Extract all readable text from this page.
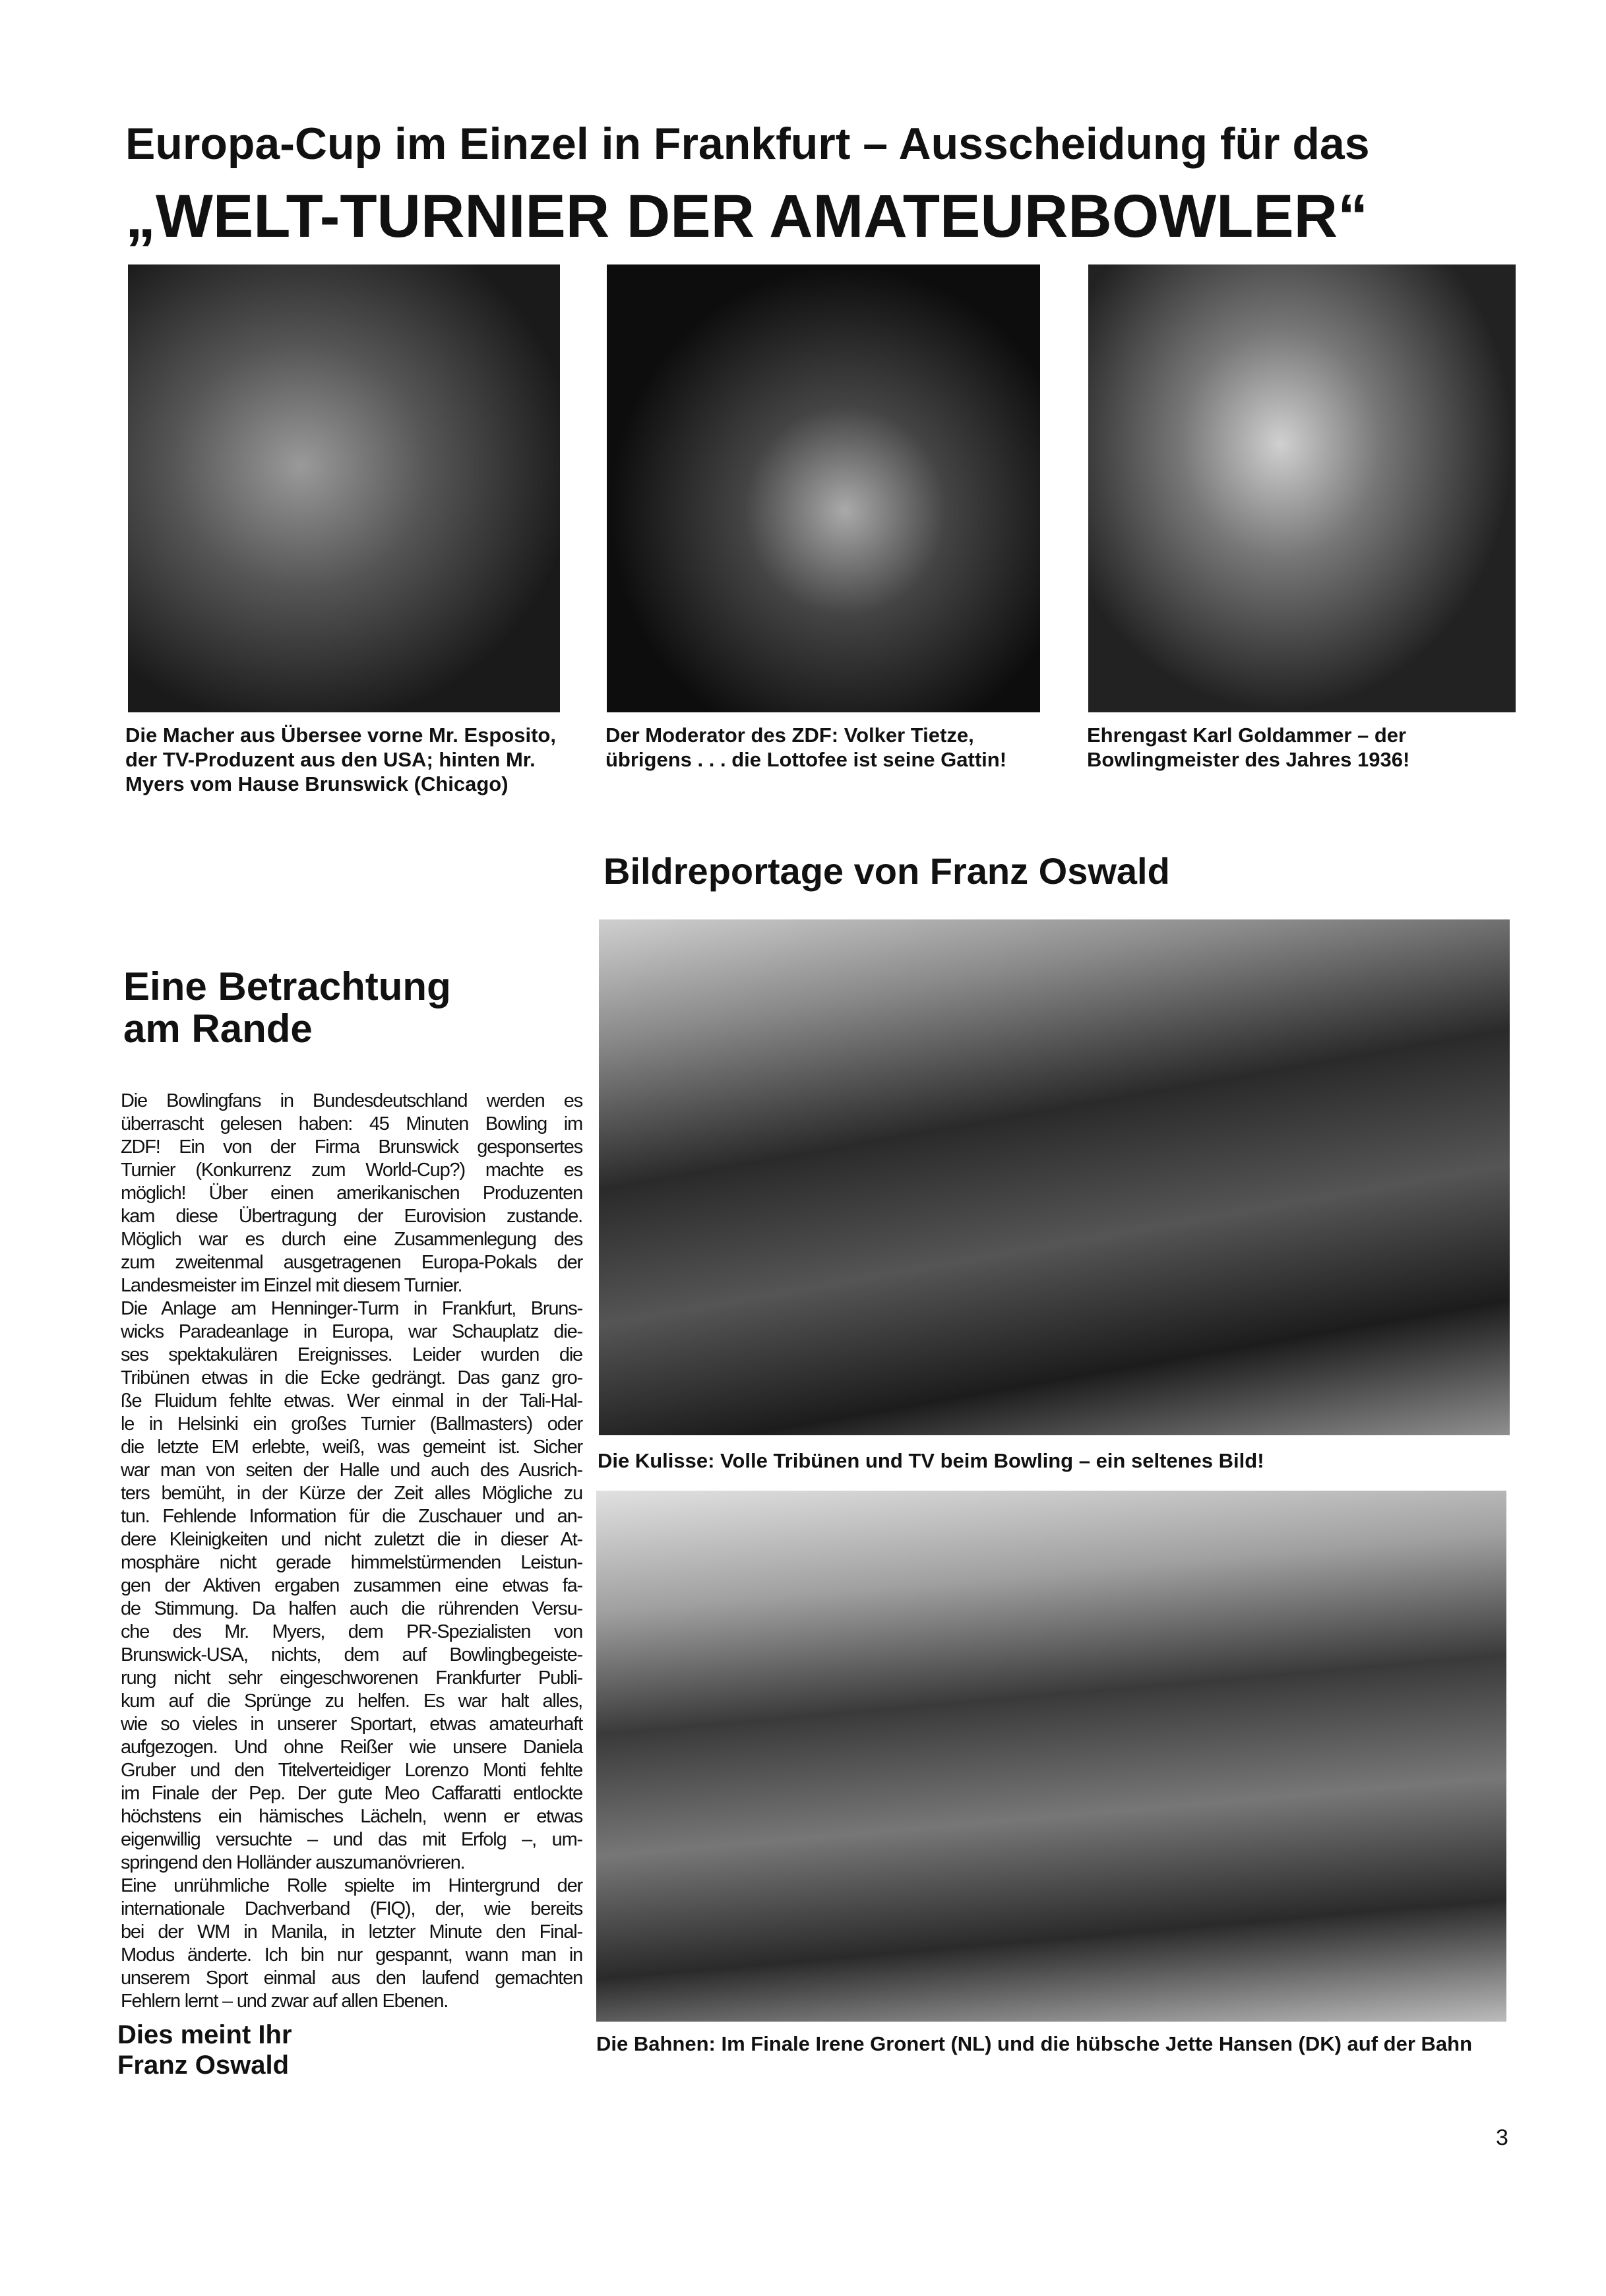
Europa-Cup im Einzel in Frankfurt – Ausscheidung für das
„WELT-TURNIER DER AMATEURBOWLER“
Die Macher aus Übersee vorne Mr. Esposito, der TV-Produzent aus den USA; hinten Mr. Myers vom Hause Brunswick (Chicago)
Der Moderator des ZDF: Volker Tietze, übrigens . . . die Lottofee ist seine Gattin!
Ehrengast Karl Goldammer – der Bowlingmeister des Jahres 1936!
Bildreportage von Franz Oswald
Eine Betrachtung
am Rande
Die Bowlingfans in Bundesdeutschland werden es
überrascht gelesen haben: 45 Minuten Bowling im
ZDF! Ein von der Firma Brunswick gesponsertes
Turnier (Konkurrenz zum World-Cup?) machte es
möglich! Über einen amerikanischen Produzenten
kam diese Übertragung der Eurovision zustande.
Möglich war es durch eine Zusammenlegung des
zum zweitenmal ausgetragenen Europa-Pokals der
Landesmeister im Einzel mit diesem Turnier.
Die Anlage am Henninger-Turm in Frankfurt, Bruns-
wicks Paradeanlage in Europa, war Schauplatz die-
ses spektakulären Ereignisses. Leider wurden die
Tribünen etwas in die Ecke gedrängt. Das ganz gro-
ße Fluidum fehlte etwas. Wer einmal in der Tali-Hal-
le in Helsinki ein großes Turnier (Ballmasters) oder
die letzte EM erlebte, weiß, was gemeint ist. Sicher
war man von seiten der Halle und auch des Ausrich-
ters bemüht, in der Kürze der Zeit alles Mögliche zu
tun. Fehlende Information für die Zuschauer und an-
dere Kleinigkeiten und nicht zuletzt die in dieser At-
mosphäre nicht gerade himmelstürmenden Leistun-
gen der Aktiven ergaben zusammen eine etwas fa-
de Stimmung. Da halfen auch die rührenden Versu-
che des Mr. Myers, dem PR-Spezialisten von
Brunswick-USA, nichts, dem auf Bowlingbegeiste-
rung nicht sehr eingeschworenen Frankfurter Publi-
kum auf die Sprünge zu helfen. Es war halt alles,
wie so vieles in unserer Sportart, etwas amateurhaft
aufgezogen. Und ohne Reißer wie unsere Daniela
Gruber und den Titelverteidiger Lorenzo Monti fehlte
im Finale der Pep. Der gute Meo Caffaratti entlockte
höchstens ein hämisches Lächeln, wenn er etwas
eigenwillig versuchte – und das mit Erfolg –, um-
springend den Holländer auszumanövrieren.
Eine unrühmliche Rolle spielte im Hintergrund der
internationale Dachverband (FIQ), der, wie bereits
bei der WM in Manila, in letzter Minute den Final-
Modus änderte. Ich bin nur gespannt, wann man in
unserem Sport einmal aus den laufend gemachten
Fehlern lernt – und zwar auf allen Ebenen.
Dies meint Ihr
Franz Oswald
Die Kulisse: Volle Tribünen und TV beim Bowling – ein seltenes Bild!
Die Bahnen: Im Finale Irene Gronert (NL) und die hübsche Jette Hansen (DK) auf der Bahn
3
